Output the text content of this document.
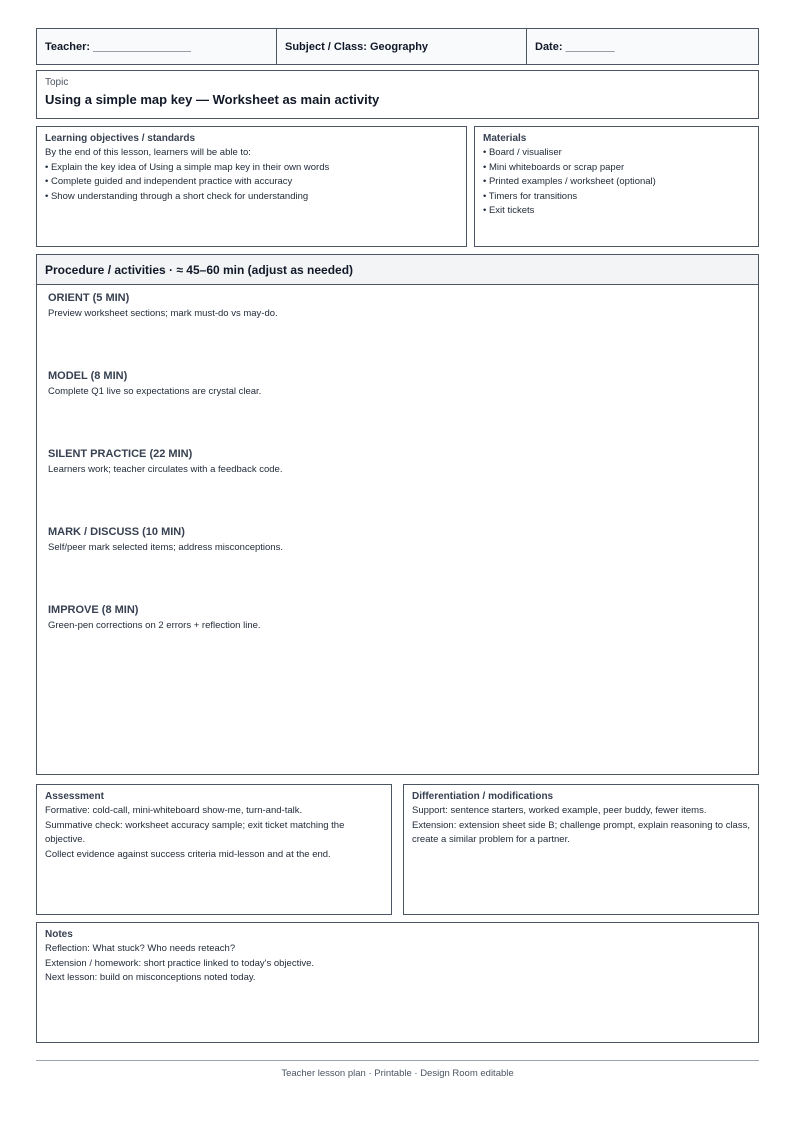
Teacher: ________________	Subject / Class: Geography	Date: ________
Topic
Using a simple map key — Worksheet as main activity
Learning objectives / standards
By the end of this lesson, learners will be able to:
• Explain the key idea of Using a simple map key in their own words
• Complete guided and independent practice with accuracy
• Show understanding through a short check for understanding
Materials
• Board / visualiser
• Mini whiteboards or scrap paper
• Printed examples / worksheet (optional)
• Timers for transitions
• Exit tickets
Procedure / activities · ≈ 45–60 min (adjust as needed)
ORIENT (5 MIN)
Preview worksheet sections; mark must-do vs may-do.
MODEL (8 MIN)
Complete Q1 live so expectations are crystal clear.
SILENT PRACTICE (22 MIN)
Learners work; teacher circulates with a feedback code.
MARK / DISCUSS (10 MIN)
Self/peer mark selected items; address misconceptions.
IMPROVE (8 MIN)
Green-pen corrections on 2 errors + reflection line.
Assessment
Formative: cold-call, mini-whiteboard show-me, turn-and-talk.
Summative check: worksheet accuracy sample; exit ticket matching the objective.
Collect evidence against success criteria mid-lesson and at the end.
Differentiation / modifications
Support: sentence starters, worked example, peer buddy, fewer items.
Extension: extension sheet side B; challenge prompt, explain reasoning to class, create a similar problem for a partner.
Notes
Reflection: What stuck? Who needs reteach?
Extension / homework: short practice linked to today's objective.
Next lesson: build on misconceptions noted today.
Teacher lesson plan · Printable · Design Room editable
